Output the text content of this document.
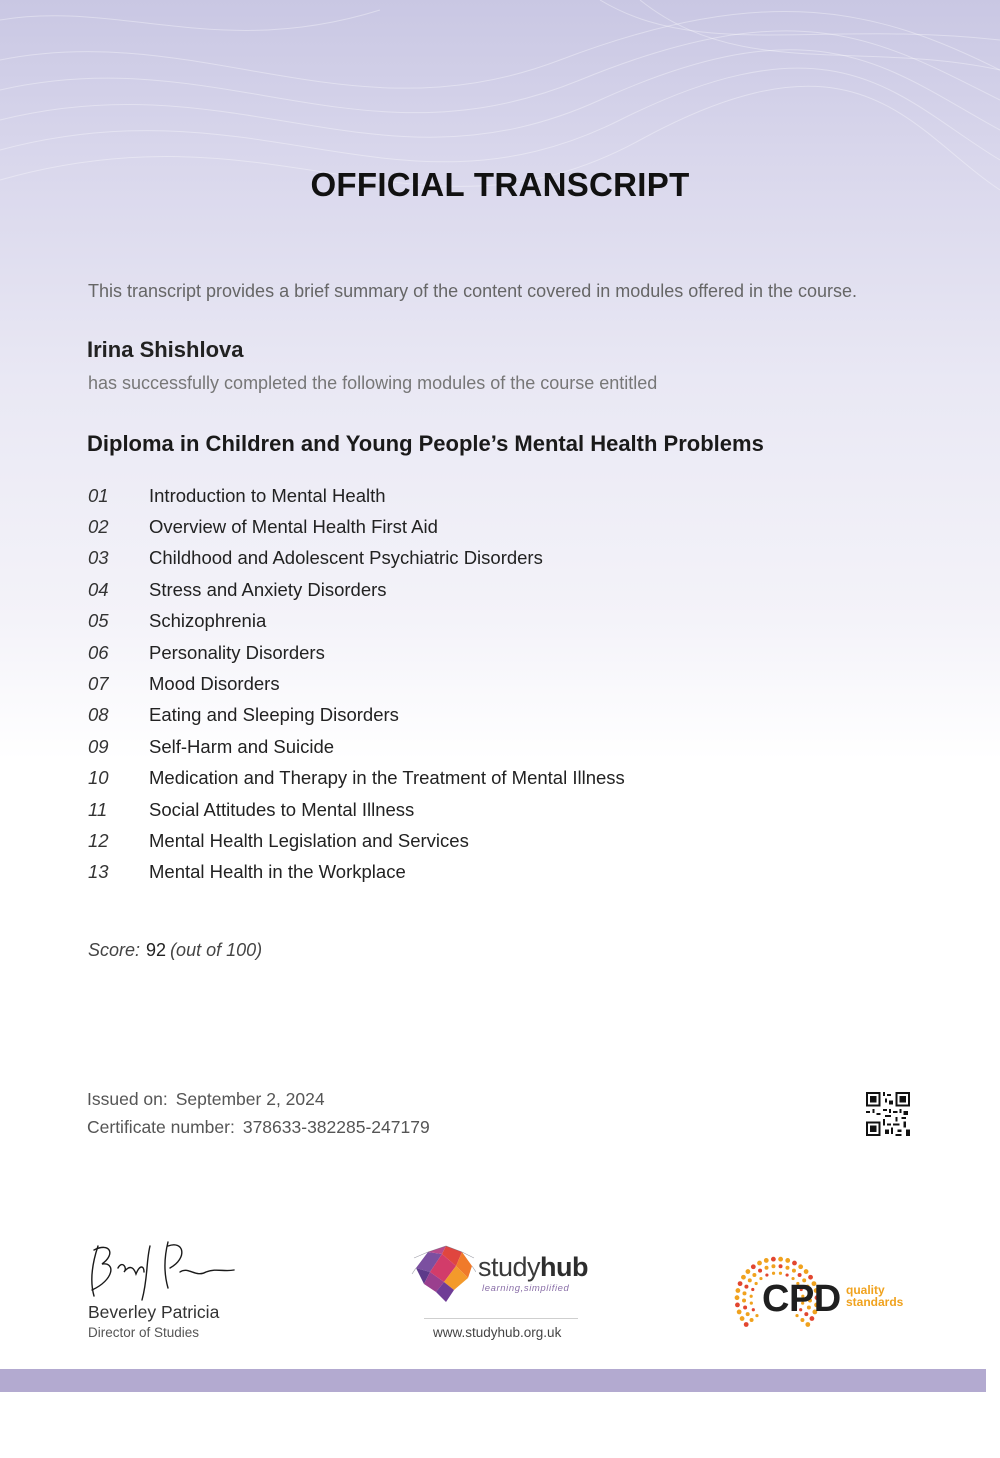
OFFICIAL TRANSCRIPT
This transcript provides a brief summary of the content covered in modules offered in the course.
Irina Shishlova
has successfully completed the following modules of the course entitled
Diploma in Children and Young People’s Mental Health Problems
01	Introduction to Mental Health
02	Overview of Mental Health First Aid
03	Childhood and Adolescent Psychiatric Disorders
04	Stress and Anxiety Disorders
05	Schizophrenia
06	Personality Disorders
07	Mood Disorders
08	Eating and Sleeping Disorders
09	Self-Harm and Suicide
10	Medication and Therapy in the Treatment of Mental Illness
11	Social Attitudes to Mental Illness
12	Mental Health Legislation and Services
13	Mental Health in the Workplace
Score: 92 (out of 100)
Issued on: September 2, 2024
Certificate number: 378633-382285-247179
Beverley Patricia
Director of Studies
studyhub
learning,simplified
www.studyhub.org.uk
CPD quality
standards
